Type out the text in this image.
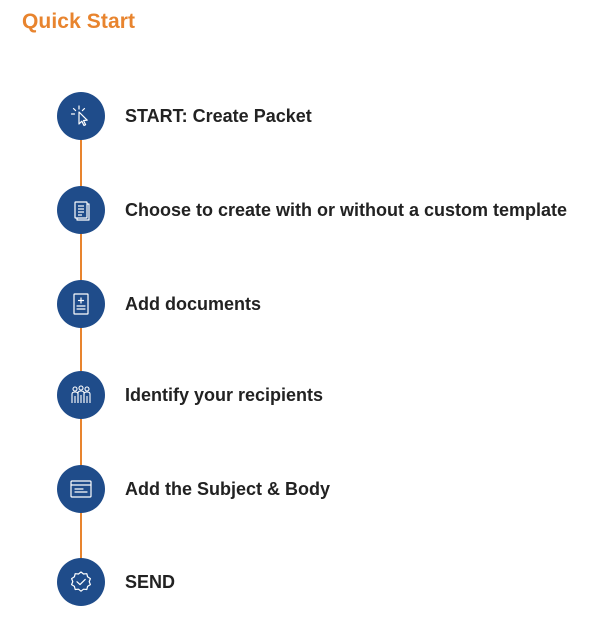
Quick Start
START: Create Packet
Choose to create with or without a custom template
Add documents
Identify your recipients
Add the Subject & Body
SEND
